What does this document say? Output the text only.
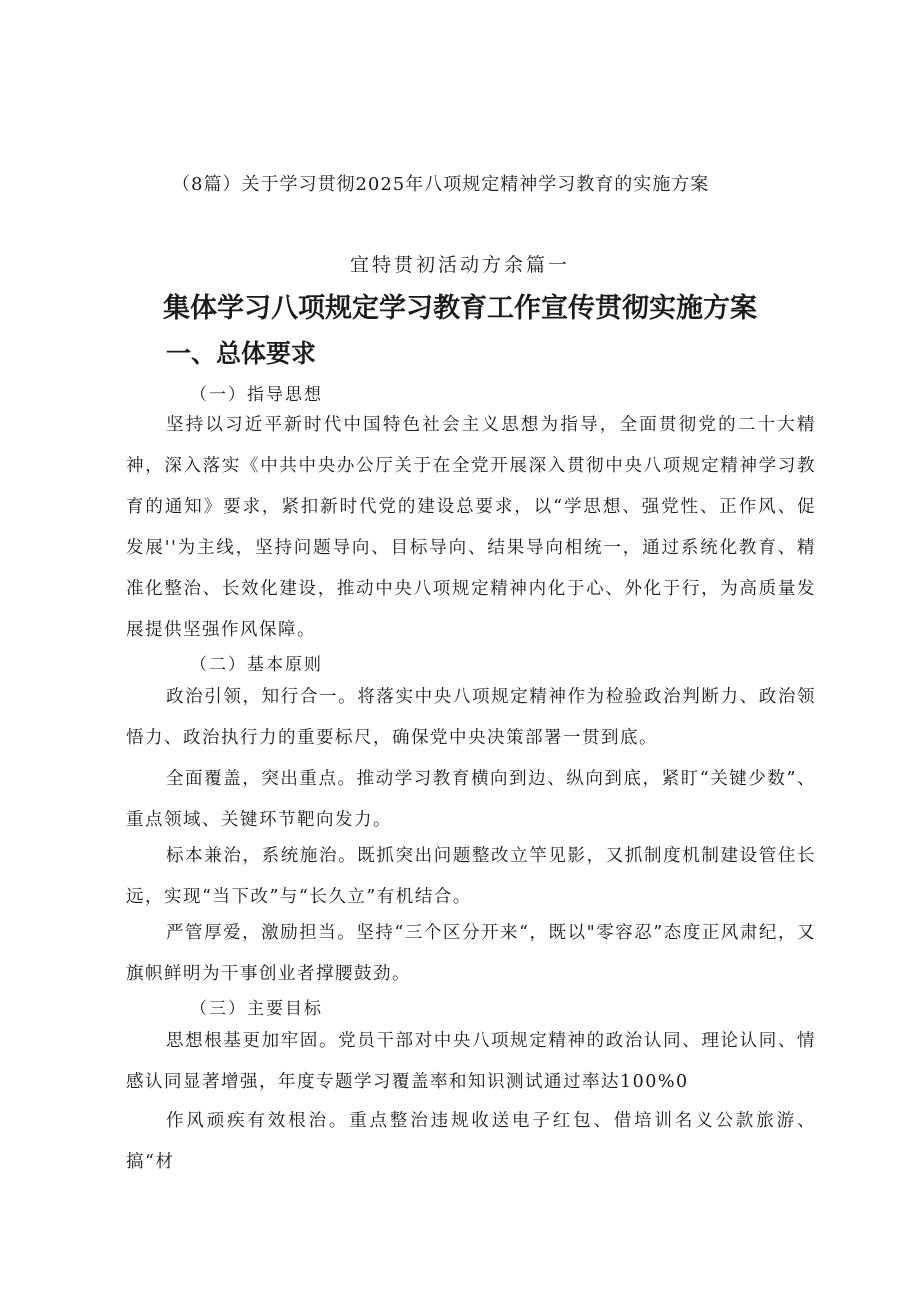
（8篇）关于学习贯彻2025年八项规定精神学习教育的实施方案
宜特贯初活动方余篇一
集体学习八项规定学习教育工作宣传贯彻实施方案
一、总体要求
（一）指导思想
坚持以习近平新时代中国特色社会主义思想为指导，全面贯彻党的二十大精神，深入落实《中共中央办公厅关于在全党开展深入贯彻中央八项规定精神学习教育的通知》要求，紧扣新时代党的建设总要求，以“学思想、强党性、正作风、促发展''为主线，坚持问题导向、目标导向、结果导向相统一，通过系统化教育、精准化整治、长效化建设，推动中央八项规定精神内化于心、外化于行，为高质量发展提供坚强作风保障。
（二）基本原则
政治引领，知行合一。将落实中央八项规定精神作为检验政治判断力、政治领悟力、政治执行力的重要标尺，确保党中央决策部署一贯到底。
全面覆盖，突出重点。推动学习教育横向到边、纵向到底，紧盯“关键少数”、重点领域、关键环节靶向发力。
标本兼治，系统施治。既抓突出问题整改立竿见影，又抓制度机制建设管住长远，实现“当下改”与“长久立”有机结合。
严管厚爱，激励担当。坚持“三个区分开来“，既以"零容忍”态度正风肃纪，又旗帜鲜明为干事创业者撑腰鼓劲。
（三）主要目标
思想根基更加牢固。党员干部对中央八项规定精神的政治认同、理论认同、情感认同显著增强，年度专题学习覆盖率和知识测试通过率达100%0
作风顽疾有效根治。重点整治违规收送电子红包、借培训名义公款旅游、搞“材
